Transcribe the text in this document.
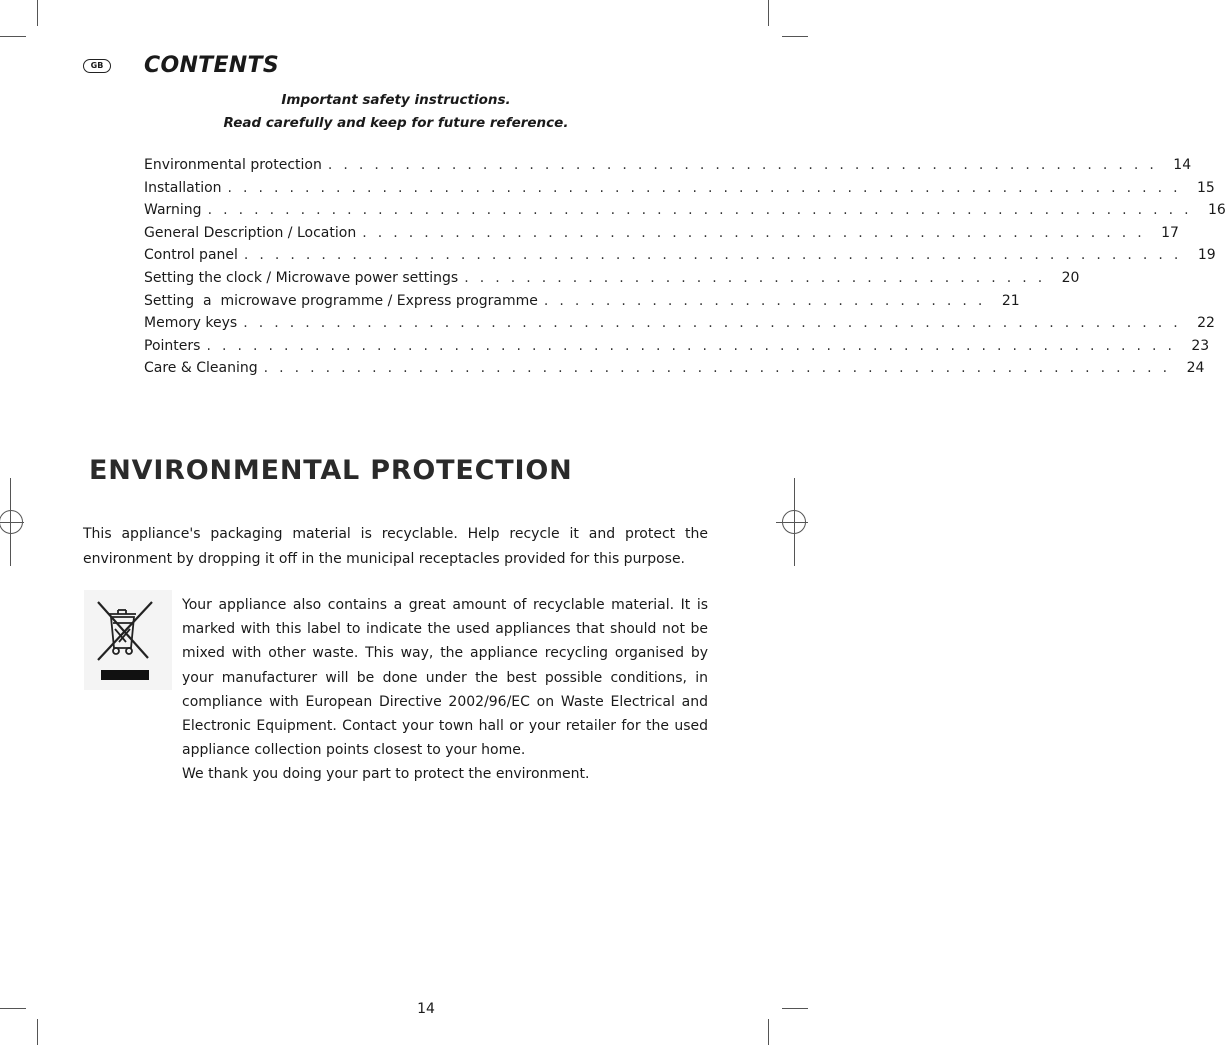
GB	CONTENTS
Important safety instructions.
Read carefully and keep for future reference.
Environmental protection . . . . . . . . . . . . . . . . . . . . . . . . . . . . . . . . . . . . . . . . . . . . . . . . . . . . . .	14
Installation . . . . . . . . . . . . . . . . . . . . . . . . . . . . . . . . . . . . . . . . . . . . . . . . . . . . . . . . . . . . . .	15
Warning . . . . . . . . . . . . . . . . . . . . . . . . . . . . . . . . . . . . . . . . . . . . . . . . . . . . . . . . . . . . . . . .	16
General Description / Location . . . . . . . . . . . . . . . . . . . . . . . . . . . . . . . . . . . . . . . . . . . . . . . . . . .	17
Control panel . . . . . . . . . . . . . . . . . . . . . . . . . . . . . . . . . . . . . . . . . . . . . . . . . . . . . . . . . . . . .	19
Setting the clock / Microwave power settings . . . . . . . . . . . . . . . . . . . . . . . . . . . . . . . . . . . . . .	20
Setting  a  microwave programme / Express programme . . . . . . . . . . . . . . . . . . . . . . . . . . . . .	21
Memory keys . . . . . . . . . . . . . . . . . . . . . . . . . . . . . . . . . . . . . . . . . . . . . . . . . . . . . . . . . . . . .	22
Pointers . . . . . . . . . . . . . . . . . . . . . . . . . . . . . . . . . . . . . . . . . . . . . . . . . . . . . . . . . . . . . . .	23
Care & Cleaning . . . . . . . . . . . . . . . . . . . . . . . . . . . . . . . . . . . . . . . . . . . . . . . . . . . . . . . . . . .	24
ENVIRONMENTAL PROTECTION
This appliance's packaging material is recyclable. Help recycle it and protect the environment by dropping it off in the municipal receptacles provided for this purpose.

Your appliance also contains a great amount of recyclable material. It is marked with this label to indicate the used appliances that should not be mixed with other waste. This way, the appliance recycling organised by your manufacturer will be done under the best possible conditions, in compliance with European Directive 2002/96/EC on Waste Electrical and Electronic Equipment. Contact your town hall or your retailer for the used appliance collection points closest to your home.

We thank you doing your part to protect the environment.

14
